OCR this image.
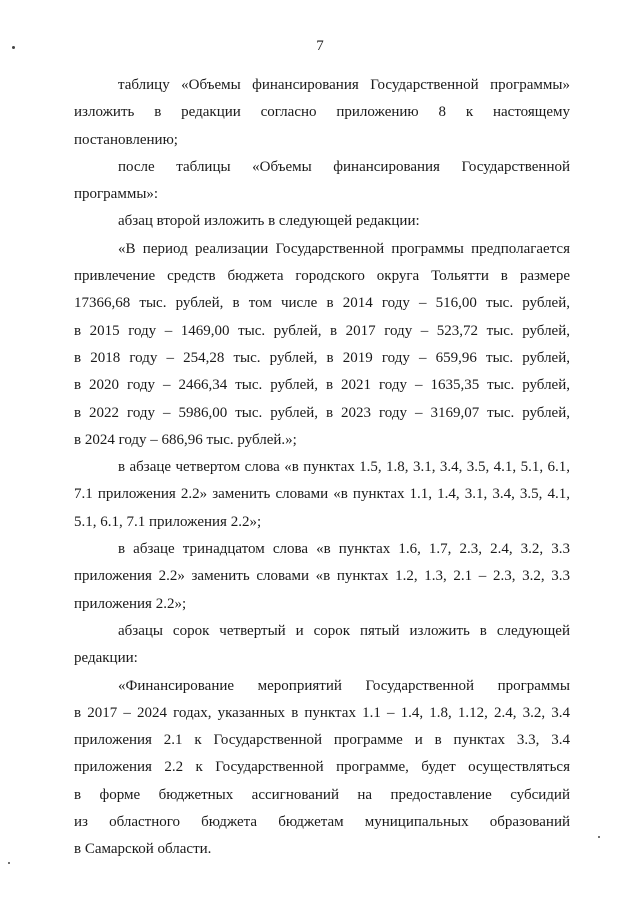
7

таблицу «Объемы финансирования Государственной программы»
изложить в редакции согласно приложению 8 к настоящему
постановлению;

после таблицы «Объемы финансирования Государственной
программы»:

абзац второй изложить в следующей редакции:

«В период реализации Государственной программы предполагается
привлечение средств бюджета городского округа Тольятти в размере
17366,68 тыс. рублей, в том числе в 2014 году – 516,00 тыс. рублей,
в 2015 году – 1469,00 тыс. рублей, в 2017 году – 523,72 тыс. рублей,
в 2018 году – 254,28 тыс. рублей, в 2019 году – 659,96 тыс. рублей,
в 2020 году – 2466,34 тыс. рублей, в 2021 году – 1635,35 тыс. рублей,
в 2022 году – 5986,00 тыс. рублей, в 2023 году – 3169,07 тыс. рублей,
в 2024 году – 686,96 тыс. рублей.»;

в абзаце четвертом слова «в пунктах 1.5, 1.8, 3.1, 3.4, 3.5, 4.1, 5.1, 6.1,
7.1 приложения 2.2» заменить словами «в пунктах 1.1, 1.4, 3.1, 3.4, 3.5, 4.1,
5.1, 6.1, 7.1 приложения 2.2»;

в абзаце тринадцатом слова «в пунктах 1.6, 1.7, 2.3, 2.4, 3.2, 3.3
приложения 2.2» заменить словами «в пунктах 1.2, 1.3, 2.1 – 2.3, 3.2, 3.3
приложения 2.2»;

абзацы сорок четвертый и сорок пятый изложить в следующей
редакции:

«Финансирование мероприятий Государственной программы
в 2017 – 2024 годах, указанных в пунктах 1.1 – 1.4, 1.8, 1.12, 2.4, 3.2, 3.4
приложения 2.1 к Государственной программе и в пунктах 3.3, 3.4
приложения 2.2 к Государственной программе, будет осуществляться
в форме бюджетных ассигнований на предоставление субсидий
из областного бюджета бюджетам муниципальных образований
в Самарской области.
